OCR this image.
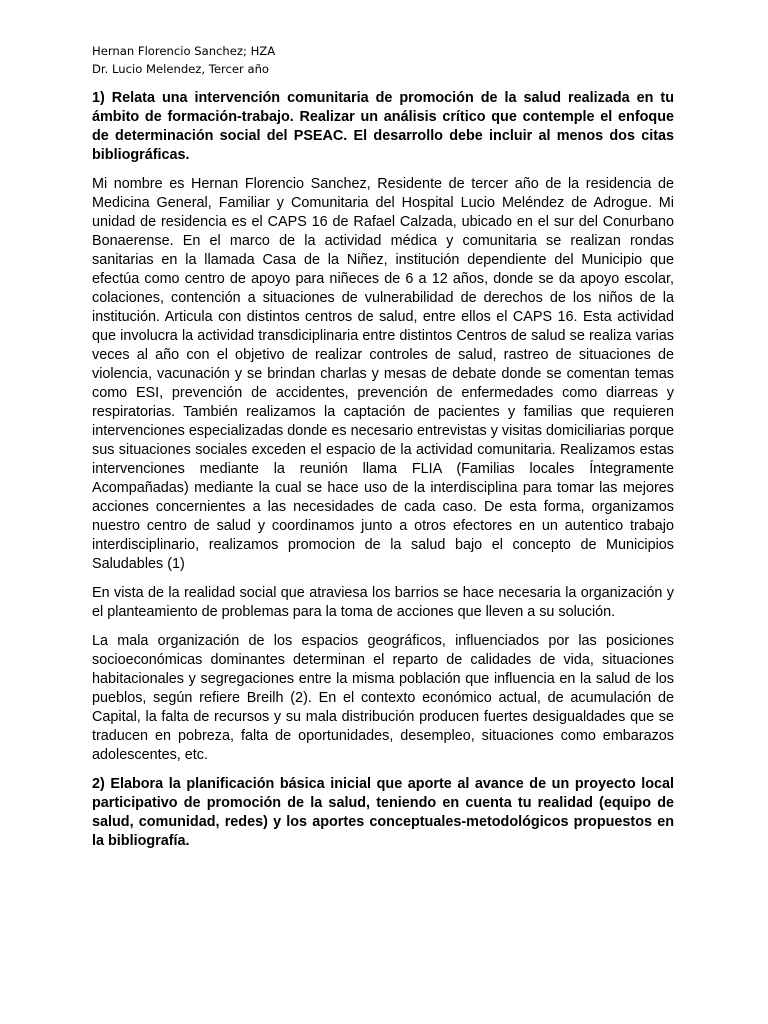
Hernan Florencio Sanchez; HZA
Dr. Lucio Melendez, Tercer año

1) Relata una intervención comunitaria de promoción de la salud realizada en tu ámbito de formación-trabajo. Realizar un análisis crítico que contemple el enfoque de determinación social del PSEAC. El desarrollo debe incluir al menos dos citas bibliográficas.

Mi nombre es Hernan Florencio Sanchez, Residente de tercer año de la residencia de Medicina General, Familiar y Comunitaria del Hospital Lucio Meléndez de Adrogue. Mi unidad de residencia es el CAPS 16 de Rafael Calzada, ubicado en el sur del Conurbano Bonaerense. En el marco de la actividad médica y comunitaria se realizan rondas sanitarias en la llamada Casa de la Niñez, institución dependiente del Municipio que efectúa como centro de apoyo para niñeces de 6 a 12 años, donde se da apoyo escolar, colaciones, contención a situaciones de vulnerabilidad de derechos de los niños de la institución. Articula con distintos centros de salud, entre ellos el CAPS 16. Esta actividad que involucra la actividad transdiciplinaria entre distintos Centros de salud se realiza varias veces al año con el objetivo de realizar controles de salud, rastreo de situaciones de violencia, vacunación y se brindan charlas y mesas de debate donde se comentan temas como ESI, prevención de accidentes, prevención de enfermedades como diarreas y respiratorias. También realizamos la captación de pacientes y familias que requieren intervenciones especializadas donde es necesario entrevistas y visitas domiciliarias porque sus situaciones sociales exceden el espacio de la actividad comunitaria. Realizamos estas intervenciones mediante la reunión llama FLIA (Familias locales Íntegramente Acompañadas) mediante la cual se hace uso de la interdisciplina para tomar las mejores acciones concernientes a las necesidades de cada caso. De esta forma, organizamos nuestro centro de salud y coordinamos junto a otros efectores en un autentico trabajo interdisciplinario, realizamos promocion de la salud bajo el concepto de Municipios Saludables (1)

En vista de la realidad social que atraviesa los barrios se hace necesaria la organización y el planteamiento de problemas para la toma de acciones que lleven a su solución.

La mala organización de los espacios geográficos, influenciados por las posiciones socioeconómicas dominantes determinan el reparto de calidades de vida, situaciones habitacionales y segregaciones entre la misma población que influencia en la salud de los pueblos, según refiere Breilh (2). En el contexto económico actual, de acumulación de Capital, la falta de recursos y su mala distribución producen fuertes desigualdades que se traducen en pobreza, falta de oportunidades, desempleo, situaciones como embarazos adolescentes, etc.

2) Elabora la planificación básica inicial que aporte al avance de un proyecto local participativo de promoción de la salud, teniendo en cuenta tu realidad (equipo de salud, comunidad, redes) y los aportes conceptuales-metodológicos propuestos en la bibliografía.
